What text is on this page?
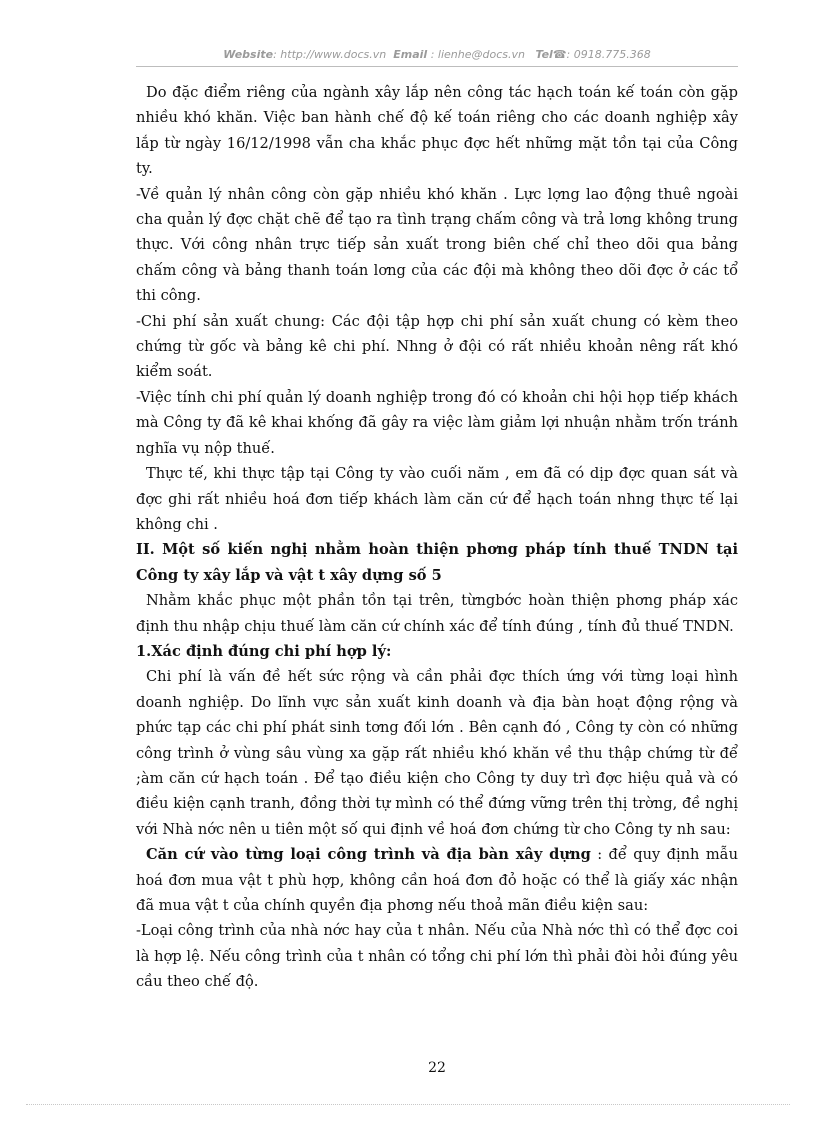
Website: http://www.docs.vn Email : lienhe@docs.vn Tel☎: 0918.775.368

Do đặc điểm riêng của ngành xây lắp nên công tác hạch toán kế toán còn gặp nhiều khó khăn. Việc ban hành chế độ kế toán riêng cho các doanh nghiệp xây lắp từ ngày 16/12/1998 vẫn cha khắc phục đợc hết những mặt tồn tại của Công ty.

-Về quản lý nhân công còn gặp nhiều khó khăn . Lực lợng lao động thuê ngoài cha quản lý đợc chặt chẽ để tạo ra tình trạng chấm công và trả lơng không trung thực. Với công nhân trực tiếp sản xuất trong biên chế chỉ theo dõi qua bảng chấm công và bảng thanh toán lơng của các đội mà không theo dõi đợc ở các tổ thi công.

-Chi phí sản xuất chung: Các đội tập hợp chi phí sản xuất chung có kèm theo chứng từ gốc và bảng kê chi phí. Nhng ở đội có rất nhiều khoản nêng rất khó kiểm soát.

-Việc tính chi phí quản lý doanh nghiệp trong đó có khoản chi hội họp tiếp khách mà Công ty đã kê khai khống đã gây ra việc làm giảm lợi nhuận nhằm trốn tránh nghĩa vụ nộp thuế.

Thực tế, khi thực tập tại Công ty vào cuối năm , em đã có dịp đợc quan sát và đợc ghi rất nhiều hoá đơn tiếp khách làm căn cứ để hạch toán nhng thực tế lại không chi .

II. Một số kiến nghị nhằm hoàn thiện phơng pháp tính thuế TNDN tại Công ty xây lắp và vật t xây dựng số 5

Nhằm khắc phục một phần tồn tại trên, từngbớc hoàn thiện phơng pháp xác định thu nhập chịu thuế làm căn cứ chính xác để tính đúng , tính đủ thuế TNDN.

1.Xác định đúng chi phí hợp lý:

Chi phí là vấn đề hết sức rộng và cần phải đợc thích ứng với từng loại hình doanh nghiệp. Do lĩnh vực sản xuất kinh doanh và địa bàn hoạt động rộng và phức tạp các chi phí phát sinh tơng đối lớn . Bên cạnh đó , Công ty còn có những công trình ở vùng sâu vùng xa gặp rất nhiều khó khăn về thu thập chứng từ để ;àm căn cứ hạch toán . Để tạo điều kiện cho Công ty duy trì đợc hiệu quả và có điều kiện cạnh tranh, đồng thời tự mình có thể đứng vững trên thị trờng, đề nghị với Nhà nớc nên u tiên một số qui định về hoá đơn chứng từ cho Công ty nh sau:

Căn cứ vào từng loại công trình và địa bàn xây dựng : để quy định mẫu hoá đơn mua vật t phù hợp, không cần hoá đơn đỏ hoặc có thể là giấy xác nhận đã mua vật t của chính quyền địa phơng nếu thoả mãn điều kiện sau:

-Loại công trình của nhà nớc hay của t nhân. Nếu của Nhà nớc thì có thể đợc coi là hợp lệ. Nếu công trình của t nhân có tổng chi phí lớn thì phải đòi hỏi đúng yêu cầu theo chế độ.

22
